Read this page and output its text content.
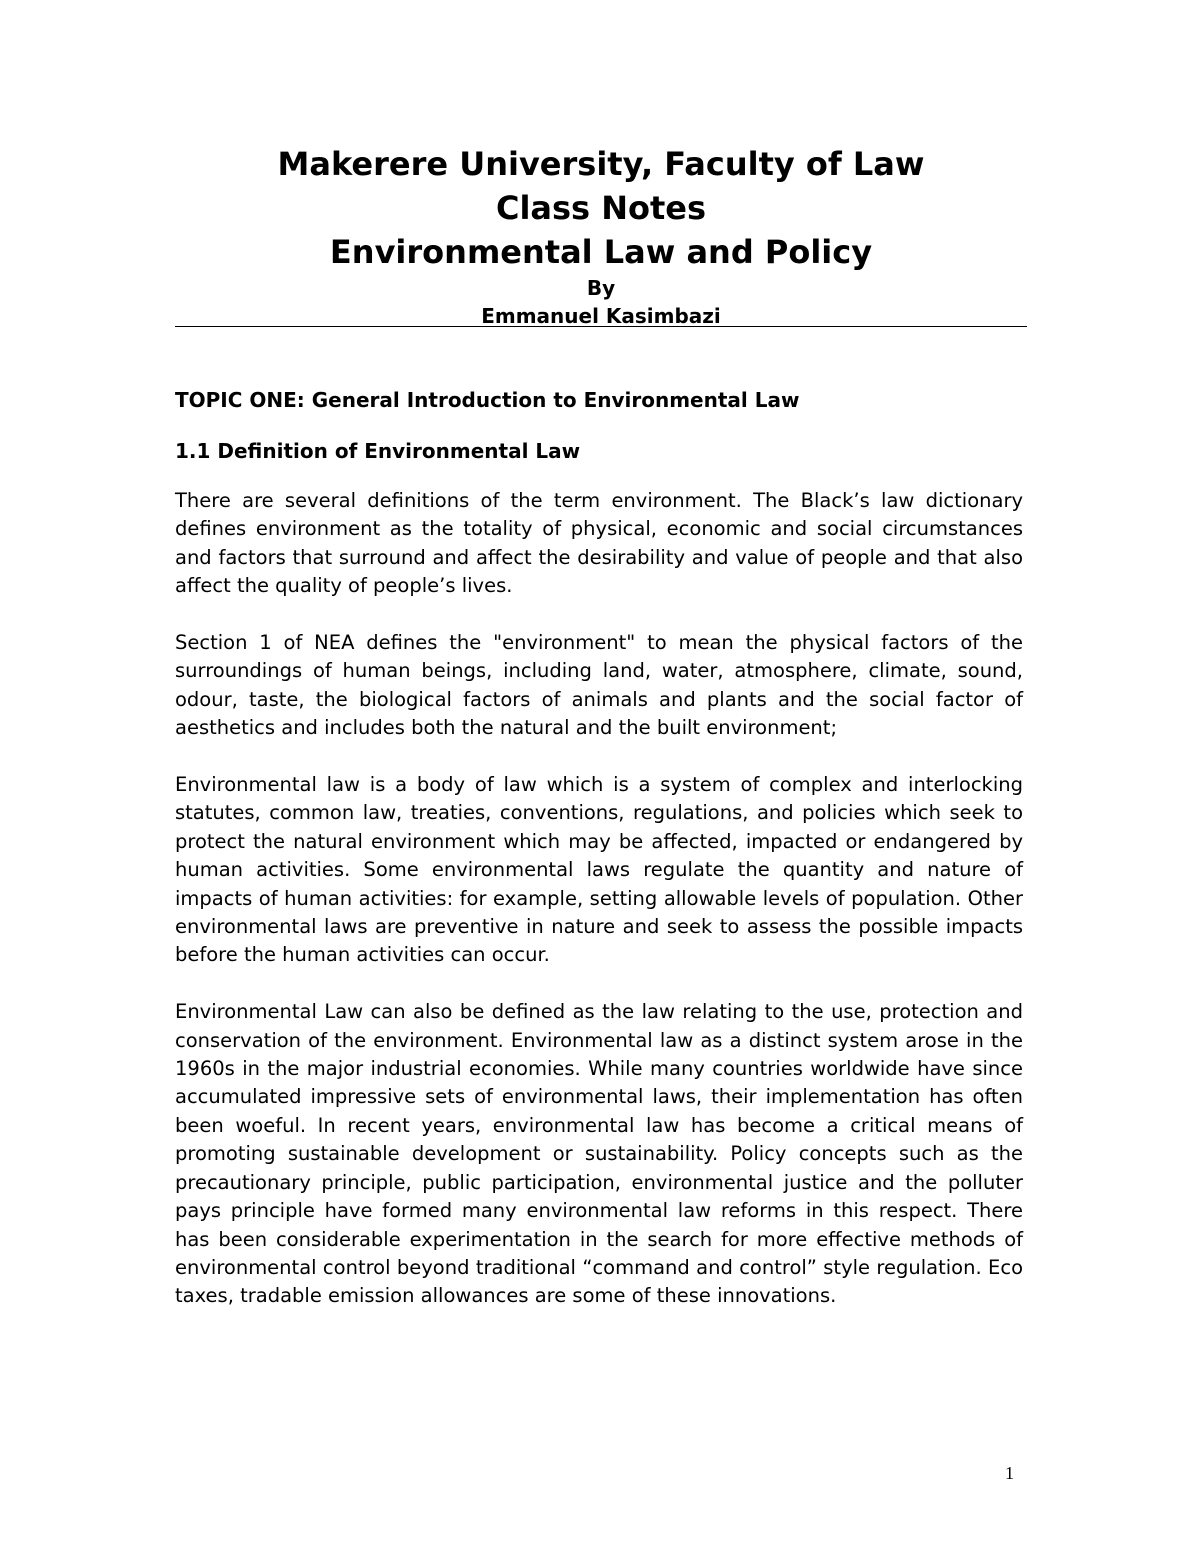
Makerere University, Faculty of Law

Class Notes

Environmental Law and Policy

By

Emmanuel Kasimbazi

TOPIC ONE: General Introduction to Environmental Law

1.1 Definition of Environmental Law

There are several definitions of the term environment. The Black’s law dictionary defines environment as the totality of physical, economic and social circumstances and factors that surround and affect the desirability and value of people and that also affect the quality of people’s lives.

Section 1 of NEA defines the "environment" to mean the physical factors of the surroundings of human beings, including land, water, atmosphere, climate, sound, odour, taste, the biological factors of animals and plants and the social factor of aesthetics and includes both the natural and the built environment;

Environmental law is a body of law which is a system of complex and interlocking statutes, common law, treaties, conventions, regulations, and policies which seek to protect the natural environment which may be affected, impacted or endangered by human activities. Some environmental laws regulate the quantity and nature of impacts of human activities: for example, setting allowable levels of population. Other environmental laws are preventive in nature and seek to assess the possible impacts before the human activities can occur.

Environmental Law can also be defined as the law relating to the use, protection and conservation of the environment. Environmental law as a distinct system arose in the 1960s in the major industrial economies. While many countries worldwide have since accumulated impressive sets of environmental laws, their implementation has often been woeful. In recent years, environmental law has become a critical means of promoting sustainable development or sustainability. Policy concepts such as the precautionary principle, public participation, environmental justice and the polluter pays principle have formed many environmental law reforms in this respect. There has been considerable experimentation in the search for more effective methods of environmental control beyond traditional “command and control” style regulation. Eco taxes, tradable emission allowances are some of these innovations.

1
